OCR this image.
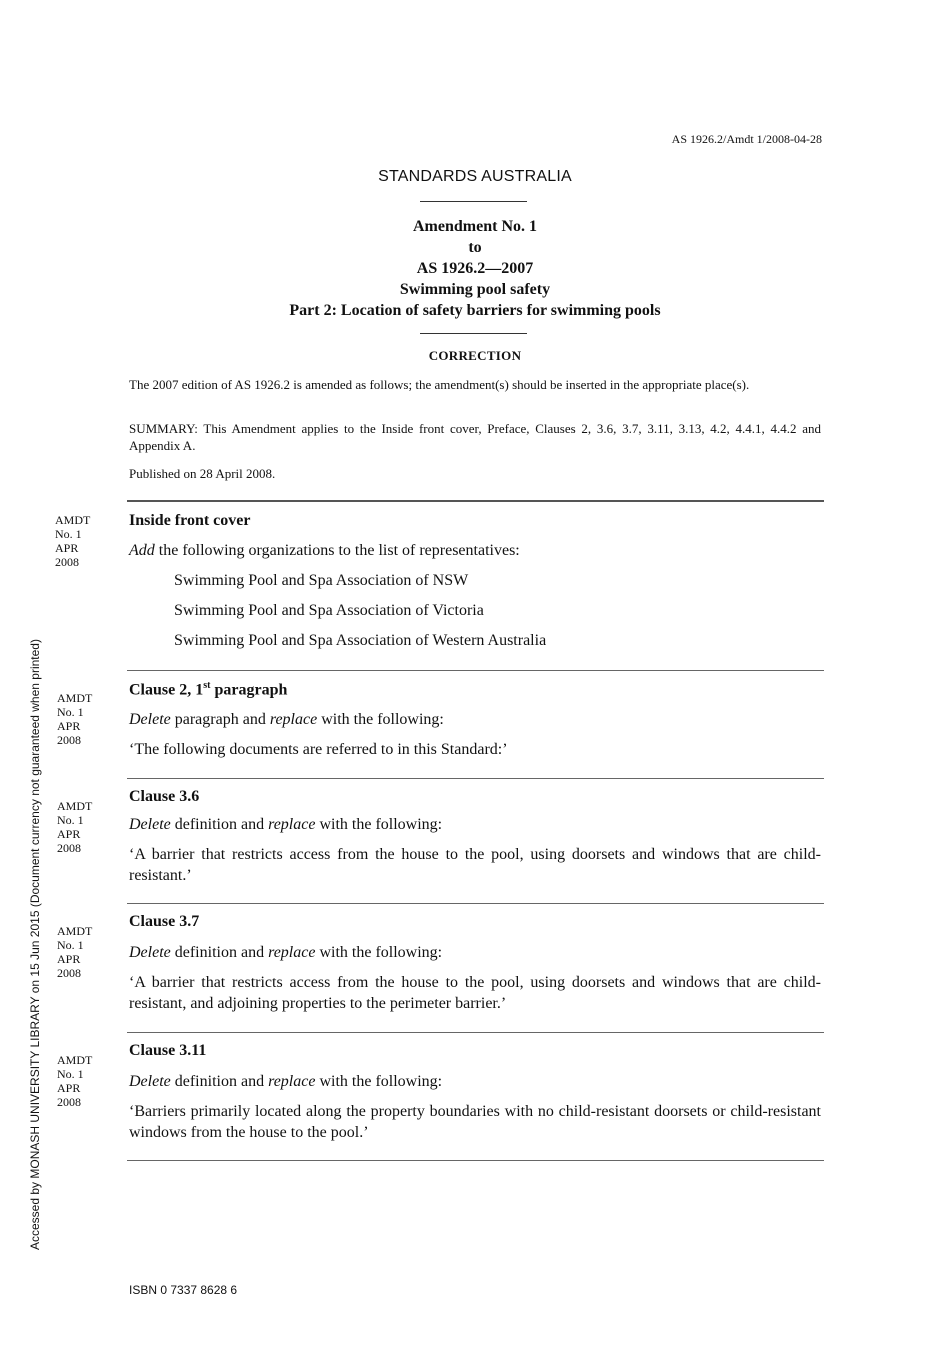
AS 1926.2/Amdt 1/2008-04-28
STANDARDS AUSTRALIA
Amendment No. 1
to
AS 1926.2—2007
Swimming pool safety
Part 2: Location of safety barriers for swimming pools
CORRECTION
The 2007 edition of AS 1926.2 is amended as follows; the amendment(s) should be inserted in the appropriate place(s).
SUMMARY: This Amendment applies to the Inside front cover, Preface, Clauses 2, 3.6, 3.7, 3.11, 3.13, 4.2, 4.4.1, 4.4.2 and Appendix A.
Published on 28 April 2008.
AMDT
No. 1
APR
2008
Inside front cover
Add the following organizations to the list of representatives:
Swimming Pool and Spa Association of NSW
Swimming Pool and Spa Association of Victoria
Swimming Pool and Spa Association of Western Australia
AMDT
No. 1
APR
2008
Clause 2, 1st paragraph
Delete paragraph and replace with the following:
‘The following documents are referred to in this Standard:’
AMDT
No. 1
APR
2008
Clause 3.6
Delete definition and replace with the following:
‘A barrier that restricts access from the house to the pool, using doorsets and windows that are child-resistant.’
AMDT
No. 1
APR
2008
Clause 3.7
Delete definition and replace with the following:
‘A barrier that restricts access from the house to the pool, using doorsets and windows that are child-resistant, and adjoining properties to the perimeter barrier.’
AMDT
No. 1
APR
2008
Clause 3.11
Delete definition and replace with the following:
‘Barriers primarily located along the property boundaries with no child-resistant doorsets or child-resistant windows from the house to the pool.’
Accessed by MONASH UNIVERSITY LIBRARY on 15 Jun 2015 (Document currency not guaranteed when printed)
ISBN 0 7337 8628 6
